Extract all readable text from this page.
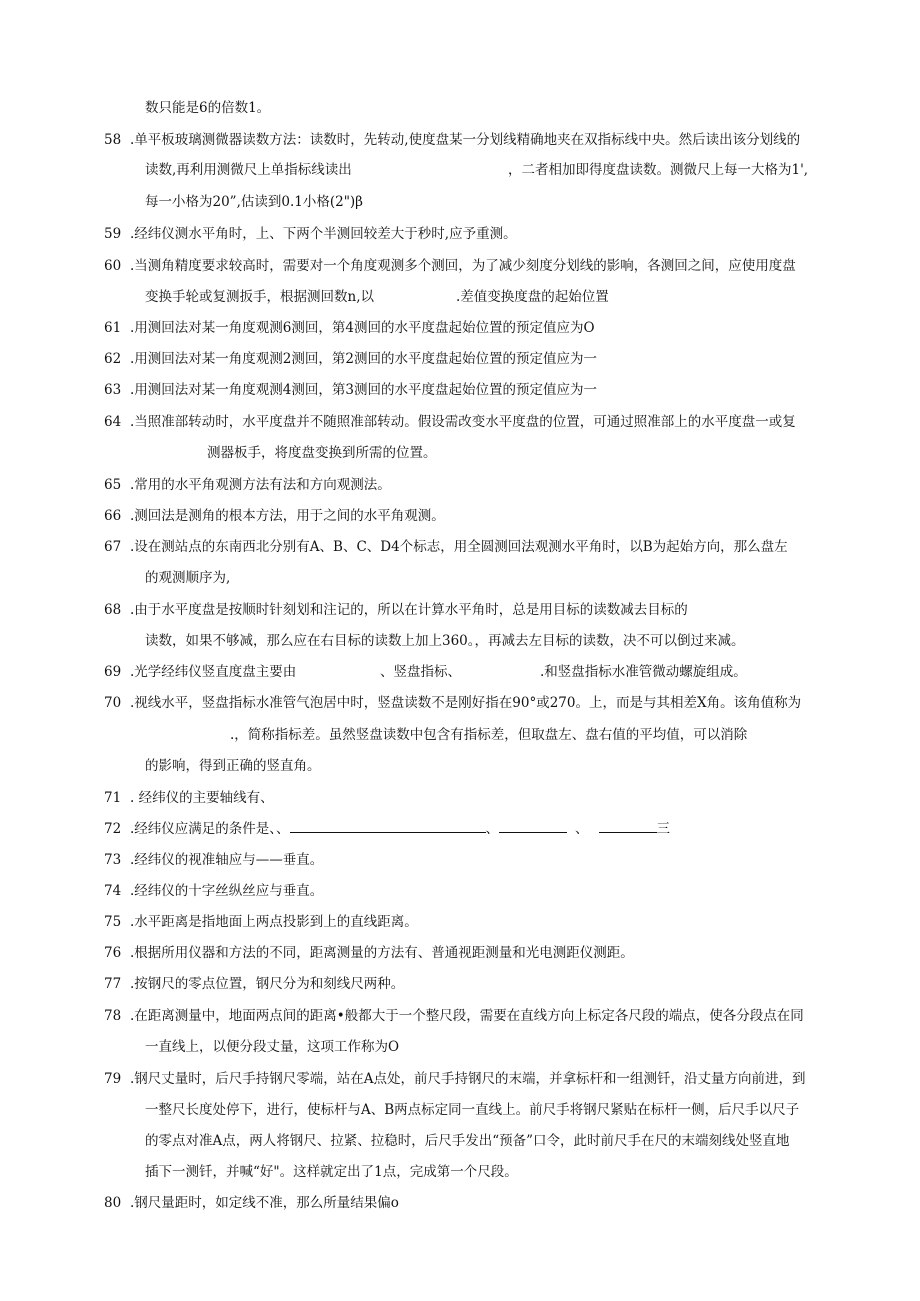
数只能是6的倍数1。
58 .单平板玻璃测微器读数方法：读数时，先转动,使度盘某一分划线精确地夹在双指标线中央。然后读出该分划线的
读数,再利用测微尺上单指标线读出	，二者相加即得度盘读数。测微尺上每一大格为1',
每一小格为20”,估读到0.1小格(2")β
59 .经纬仪测水平角时，上、下两个半测回较差大于秒时,应予重测。
60 .当测角精度要求较高时，需要对一个角度观测多个测回，为了减少刻度分划线的影响，各测回之间，应使用度盘
变换手轮或复测扳手，根据测回数n,以	.差值变换度盘的起始位置
61 .用测回法对某一角度观测6测回，第4测回的水平度盘起始位置的预定值应为O
62 .用测回法对某一角度观测2测回，第2测回的水平度盘起始位置的预定值应为一
63 .用测回法对某一角度观测4测回，第3测回的水平度盘起始位置的预定值应为一
64 .当照准部转动时，水平度盘并不随照准部转动。假设需改变水平度盘的位置，可通过照准部上的水平度盘一或复
测器板手，将度盘变换到所需的位置。
65 .常用的水平角观测方法有法和方向观测法。
66 .测回法是测角的根本方法，用于之间的水平角观测。
67 .设在测站点的东南西北分别有A、B、C、D4个标志，用全圆测回法观测水平角时，以B为起始方向，那么盘左
的观测顺序为,
68 .由于水平度盘是按顺时针刻划和注记的，所以在计算水平角时，总是用目标的读数减去目标的
读数，如果不够减，那么应在右目标的读数上加上360。，再减去左目标的读数，决不可以倒过来减。
69 .光学经纬仪竖直度盘主要由	、竖盘指标、	.和竖盘指标水准管微动螺旋组成。
70 .视线水平，竖盘指标水准管气泡居中时，竖盘读数不是刚好指在90°或270。上，而是与其相差X角。该角值称为
.，简称指标差。虽然竖盘读数中包含有指标差，但取盘左、盘右值的平均值，可以消除
的影响，得到正确的竖直角。
71 . 经纬仪的主要轴线有、
72 .经纬仪应满足的条件是、、	、	、	三
73 .经纬仪的视准轴应与——垂直。
74 .经纬仪的十字丝纵丝应与垂直。
75 .水平距离是指地面上两点投影到上的直线距离。
76 .根据所用仪器和方法的不同，距离测量的方法有、普通视距测量和光电测距仪测距。
77 .按钢尺的零点位置，钢尺分为和刻线尺两种。
78 .在距离测量中，地面两点间的距离•般都大于一个整尺段，需要在直线方向上标定各尺段的端点，使各分段点在同
一直线上，以便分段丈量，这项工作称为O
79 .钢尺丈量时，后尺手持钢尺零端，站在A点处，前尺手持钢尺的末端，并拿标杆和一组测钎，沿丈量方向前进，到
一整尺长度处停下，进行，使标杆与A、B两点标定同一直线上。前尺手将钢尺紧贴在标杆一侧，后尺手以尺子
的零点对准A点，两人将钢尺、拉紧、拉稳时，后尺手发出“预备”口令，此时前尺手在尺的末端刻线处竖直地
插下一测钎，并喊“好"。这样就定出了1点，完成第一个尺段。
80 .钢尺量距时，如定线不准，那么所量结果偏o
